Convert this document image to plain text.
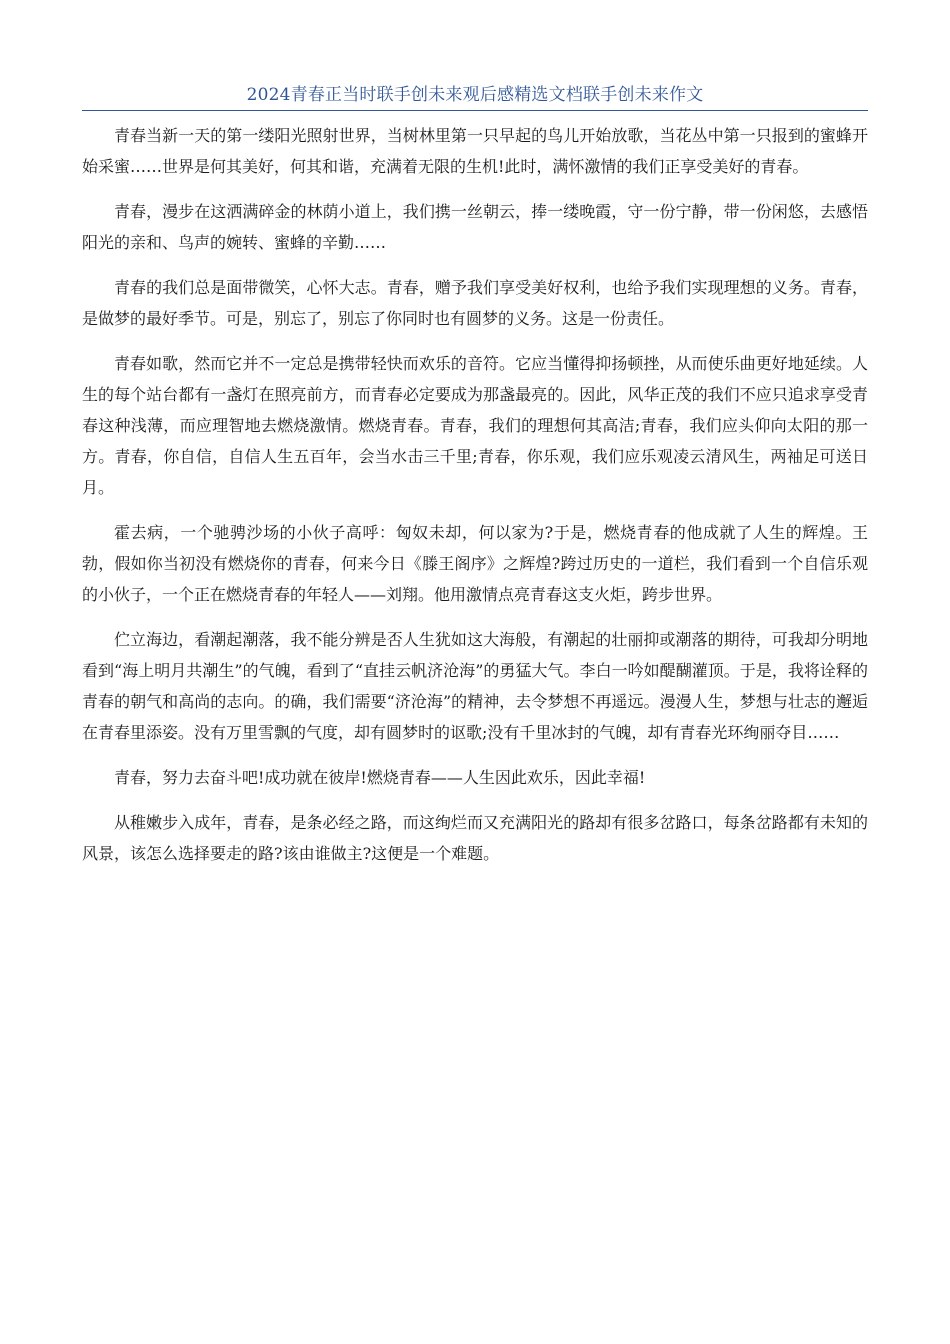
2024青春正当时联手创未来观后感精选文档联手创未来作文

青春当新一天的第一缕阳光照射世界，当树林里第一只早起的鸟儿开始放歌，当花丛中第一只报到的蜜蜂开始采蜜……世界是何其美好，何其和谐，充满着无限的生机!此时，满怀激情的我们正享受美好的青春。

青春，漫步在这洒满碎金的林荫小道上，我们携一丝朝云，捧一缕晚霞，守一份宁静，带一份闲悠，去感悟阳光的亲和、鸟声的婉转、蜜蜂的辛勤……

青春的我们总是面带微笑，心怀大志。青春，赠予我们享受美好权利，也给予我们实现理想的义务。青春，是做梦的最好季节。可是，别忘了，别忘了你同时也有圆梦的义务。这是一份责任。

青春如歌，然而它并不一定总是携带轻快而欢乐的音符。它应当懂得抑扬顿挫，从而使乐曲更好地延续。人生的每个站台都有一盏灯在照亮前方，而青春必定要成为那盏最亮的。因此，风华正茂的我们不应只追求享受青春这种浅薄，而应理智地去燃烧激情。燃烧青春。青春，我们的理想何其高洁;青春，我们应头仰向太阳的那一方。青春，你自信，自信人生五百年，会当水击三千里;青春，你乐观，我们应乐观凌云清风生，两袖足可送日月。

霍去病，一个驰骋沙场的小伙子高呼：匈奴未却，何以家为?于是，燃烧青春的他成就了人生的辉煌。王勃，假如你当初没有燃烧你的青春，何来今日《滕王阁序》之辉煌?跨过历史的一道栏，我们看到一个自信乐观的小伙子，一个正在燃烧青春的年轻人——刘翔。他用激情点亮青春这支火炬，跨步世界。

伫立海边，看潮起潮落，我不能分辨是否人生犹如这大海般，有潮起的壮丽抑或潮落的期待，可我却分明地看到“海上明月共潮生”的气魄，看到了“直挂云帆济沧海”的勇猛大气。李白一吟如醍醐灌顶。于是，我将诠释的青春的朝气和高尚的志向。的确，我们需要“济沧海”的精神，去令梦想不再遥远。漫漫人生，梦想与壮志的邂逅在青春里添姿。没有万里雪飘的气度，却有圆梦时的讴歌;没有千里冰封的气魄，却有青春光环绚丽夺目……

青春，努力去奋斗吧!成功就在彼岸!燃烧青春——人生因此欢乐，因此幸福!

从稚嫩步入成年，青春，是条必经之路，而这绚烂而又充满阳光的路却有很多岔路口，每条岔路都有未知的风景，该怎么选择要走的路?该由谁做主?这便是一个难题。
